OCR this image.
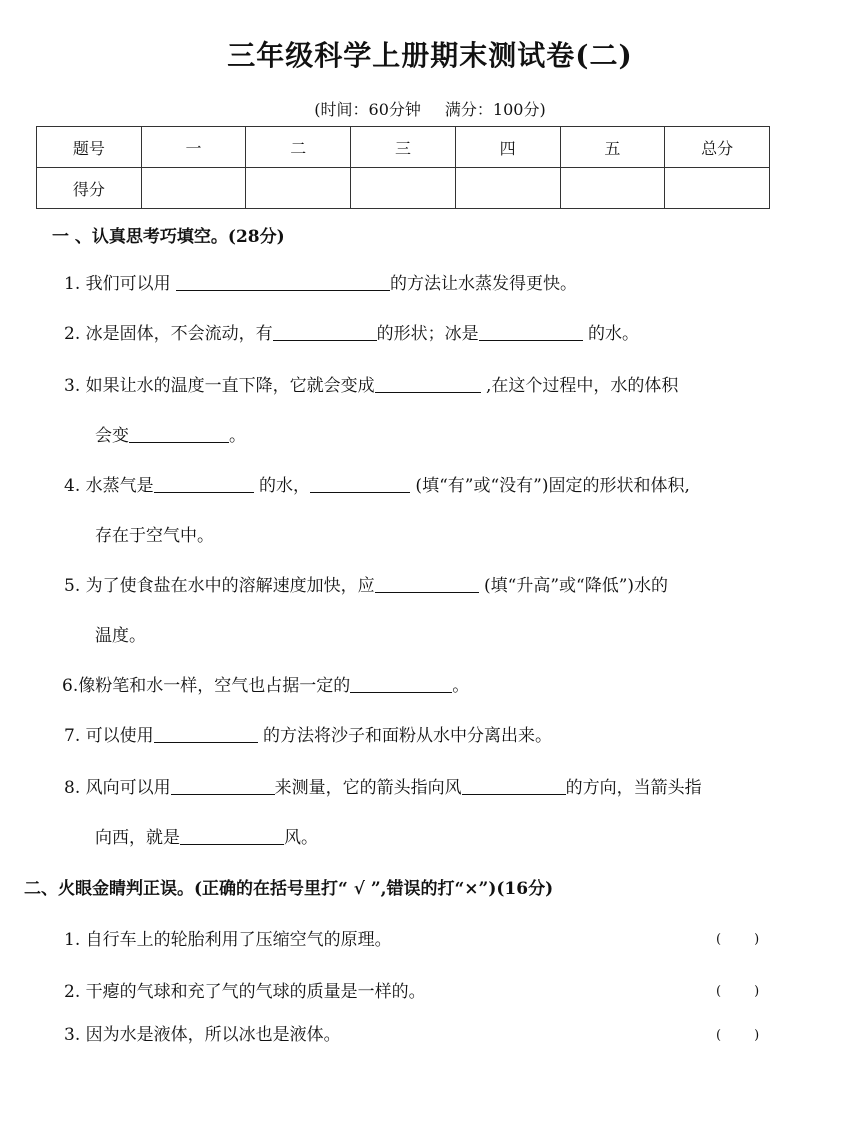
三年级科学上册期末测试卷(二)
(时间：60分钟 满分：100分)
题号	一	二	三	四	五	总分
得分						
一 、认真思考巧填空。(28分)
1. 我们可以用	的方法让水蒸发得更快。
2. 冰是固体，不会流动，有	的形状；冰是	的水。
3. 如果让水的温度一直下降，它就会变成	,在这个过程中，水的体积
会变	。
4. 水蒸气是	的水，	(填“有”或“没有”)固定的形状和体积,
存在于空气中。
5. 为了使食盐在水中的溶解速度加快，应	(填“升高”或“降低”)水的
温度。
6.像粉笔和水一样，空气也占据一定的	。
7. 可以使用	的方法将沙子和面粉从水中分离出来。
8. 风向可以用	来测量，它的箭头指向风	的方向，当箭头指
向西，就是	风。
二、火眼金睛判正误。(正确的在括号里打“ √ ”,错误的打“×”)(16分)
1. 自行车上的轮胎利用了压缩空气的原理。	(        )
2. 干瘪的气球和充了气的气球的质量是一样的。	(        )
3. 因为水是液体，所以冰也是液体。	(        )
